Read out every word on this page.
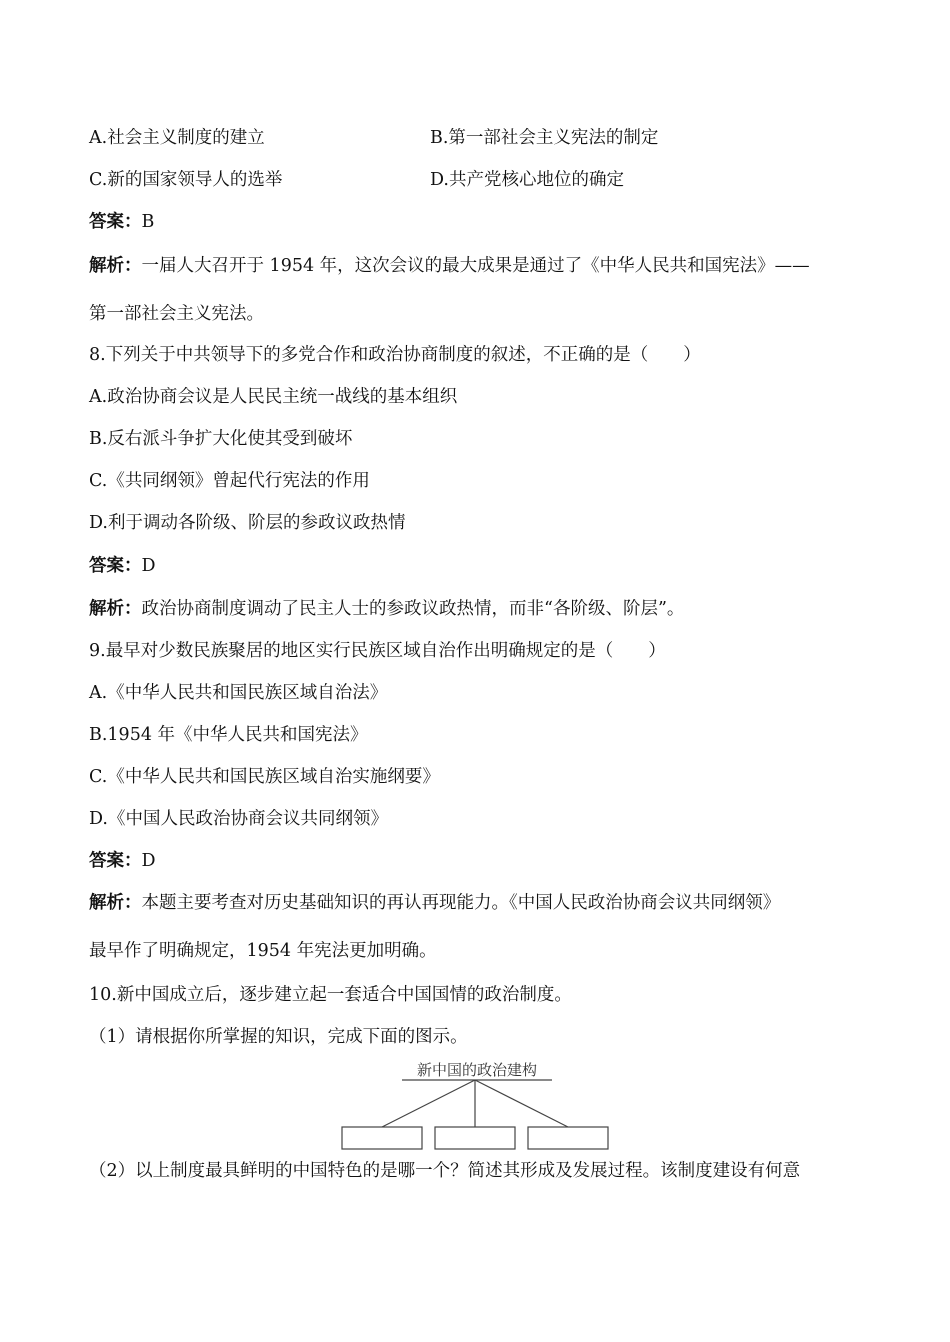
A.社会主义制度的建立	B.第一部社会主义宪法的制定
C.新的国家领导人的选举	D.共产党核心地位的确定
答案：B
解析：一届人大召开于 1954 年，这次会议的最大成果是通过了《中华人民共和国宪法》——
第一部社会主义宪法。
8.下列关于中共领导下的多党合作和政治协商制度的叙述，不正确的是（　　）
A.政治协商会议是人民民主统一战线的基本组织
B.反右派斗争扩大化使其受到破坏
C.《共同纲领》曾起代行宪法的作用
D.利于调动各阶级、阶层的参政议政热情
答案：D
解析：政治协商制度调动了民主人士的参政议政热情，而非“各阶级、阶层”。
9.最早对少数民族聚居的地区实行民族区域自治作出明确规定的是（　　）
A.《中华人民共和国民族区域自治法》
B.1954 年《中华人民共和国宪法》
C.《中华人民共和国民族区域自治实施纲要》
D.《中国人民政治协商会议共同纲领》
答案：D
解析：本题主要考查对历史基础知识的再认再现能力。《中国人民政治协商会议共同纲领》
最早作了明确规定，1954 年宪法更加明确。
10.新中国成立后，逐步建立起一套适合中国国情的政治制度。
（1）请根据你所掌握的知识，完成下面的图示。
新中国的政治建构
（2）以上制度最具鲜明的中国特色的是哪一个？简述其形成及发展过程。该制度建设有何意
